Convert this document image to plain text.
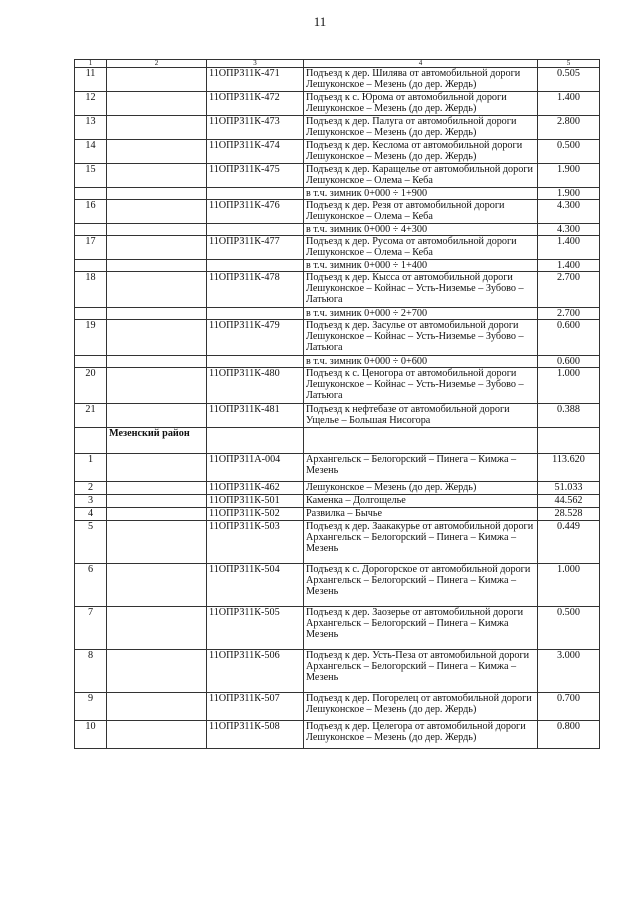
11
1	2	3	4	5
11		11ОПРЗ11К-471	Подъезд к дер. Шилява от автомобильной дороги Лешуконское – Мезень (до дер. Жердь)	0.505
12		11ОПРЗ11К-472	Подъезд к с. Юрома от автомобильной дороги Лешуконское – Мезень (до дер. Жердь)	1.400
13		11ОПРЗ11К-473	Подъезд к дер. Палуга от автомобильной дороги Лешуконское – Мезень (до дер. Жердь)	2.800
14		11ОПРЗ11К-474	Подъезд к дер. Кеслома от автомобильной дороги Лешуконское – Мезень (до дер. Жердь)	0.500
15		11ОПРЗ11К-475	Подъезд к дер. Каращелье от автомобильной дороги Лешуконское – Олема – Кеба	1.900
			в т.ч. зимник 0+000 ÷ 1+900	1.900
16		11ОПРЗ11К-476	Подъезд к дер. Резя от автомобильной дороги Лешуконское – Олема – Кеба	4.300
			в т.ч. зимник 0+000 ÷ 4+300	4.300
17		11ОПРЗ11К-477	Подъезд к дер. Русома от автомобильной дороги Лешуконское – Олема – Кеба	1.400
			в т.ч. зимник 0+000 ÷ 1+400	1.400
18		11ОПРЗ11К-478	Подъезд к дер. Кысса от автомобильной дороги Лешуконское – Койнас – Усть-Низемье – Зубово – Латьюга	2.700
			в т.ч. зимник 0+000 ÷ 2+700	2.700
19		11ОПРЗ11К-479	Подъезд к дер. Засулье от автомобильной дороги Лешуконское – Койнас – Усть-Низемье – Зубово – Латьюга	0.600
			в т.ч. зимник 0+000 ÷ 0+600	0.600
20		11ОПРЗ11К-480	Подъезд к с. Ценогора от автомобильной дороги Лешуконское – Койнас – Усть-Низемье – Зубово – Латьюга	1.000
21		11ОПРЗ11К-481	Подъезд к нефтебазе от автомобильной дороги Ущелье – Большая Нисогора	0.388
	Мезенский район			
1		11ОПРЗ11А-004	Архангельск – Белогорский – Пинега – Кимжа – Мезень	113.620
2		11ОПРЗ11К-462	Лешуконское – Мезень (до дер. Жердь)	51.033
3		11ОПРЗ11К-501	Каменка – Долгощелье	44.562
4		11ОПРЗ11К-502	Развилка – Бычье	28.528
5		11ОПРЗ11К-503	Подъезд к дер. Заакакурье от автомобильной дороги Архангельск – Белогорский – Пинега – Кимжа – Мезень	0.449
6		11ОПРЗ11К-504	Подъезд к с. Дорогорское от автомобильной дороги Архангельск – Белогорский – Пинега – Кимжа – Мезень	1.000
7		11ОПРЗ11К-505	Подъезд к дер. Заозерье от автомобильной дороги Архангельск – Белогорский – Пинега – Кимжа Мезень	0.500
8		11ОПРЗ11К-506	Подъезд к дер. Усть-Пеза от автомобильной дороги Архангельск – Белогорский – Пинега – Кимжа – Мезень	3.000
9		11ОПРЗ11К-507	Подъезд к дер. Погорелец от автомобильной дороги Лешуконское – Мезень (до дер. Жердь)	0.700
10		11ОПРЗ11К-508	Подъезд к дер. Целегора от автомобильной дороги Лешуконское – Мезень (до дер. Жердь)	0.800
